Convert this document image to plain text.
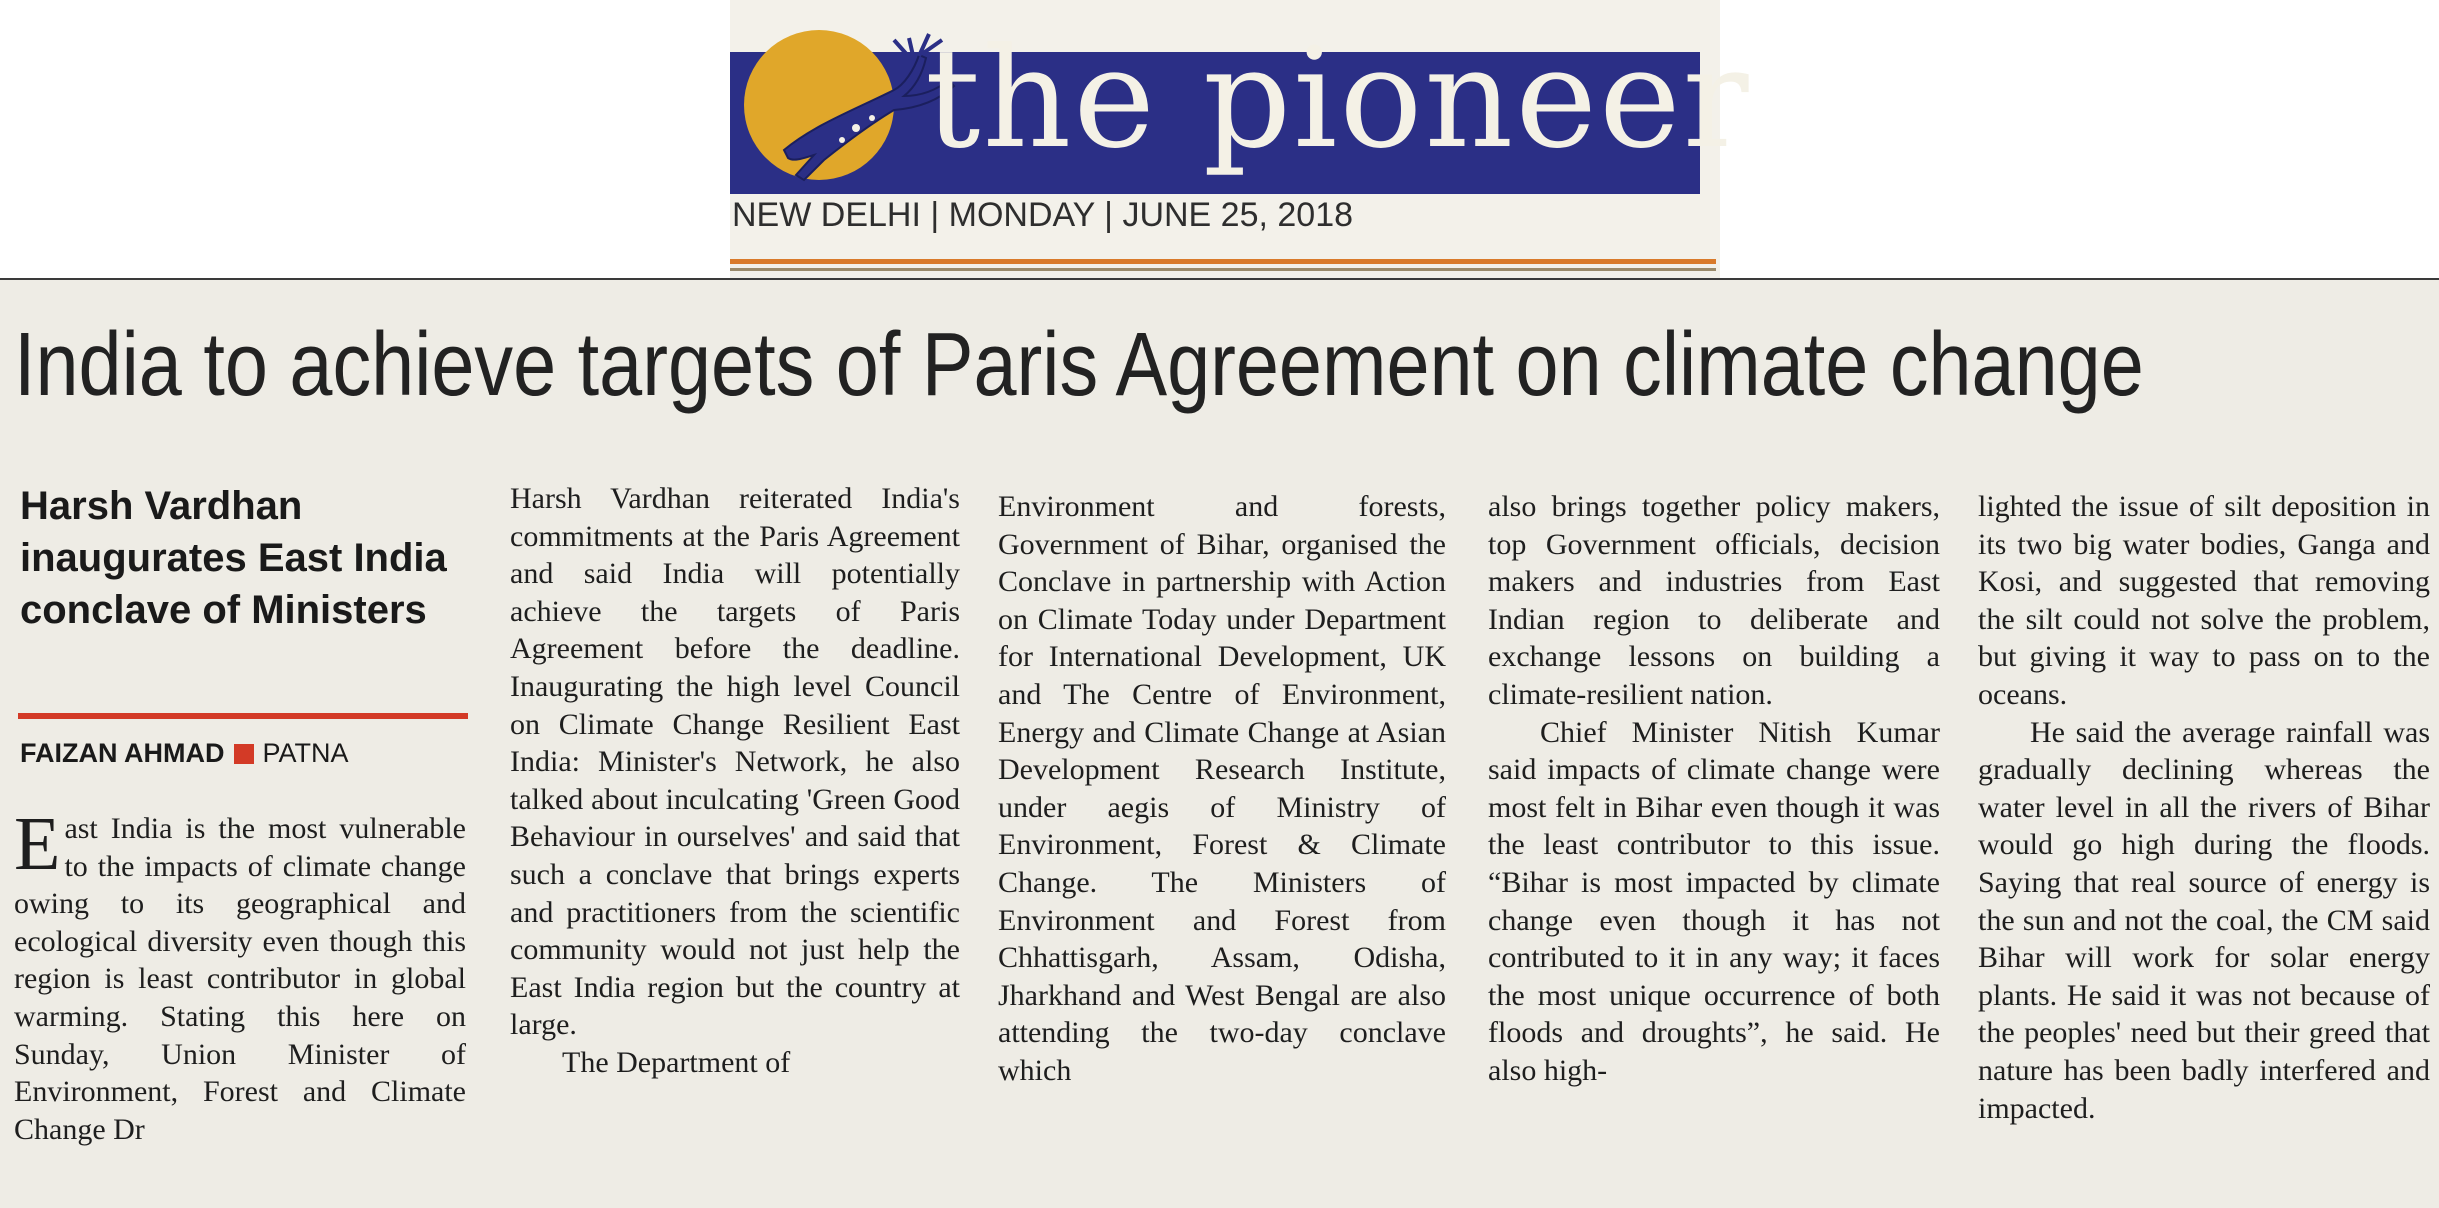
the pioneer
NEW DELHI | MONDAY | JUNE 25, 2018
India to achieve targets of Paris Agreement on climate change
Harsh Vardhan inaugurates East India conclave of Ministers
FAIZAN AHMAD PATNA

East India is the most vulnerable to the impacts of climate change owing to its geographical and ecological diversity even though this region is least contributor in global warming. Stating this here on Sunday, Union Minister of Environment, Forest and Climate Change Dr

Harsh Vardhan reiterated India's commitments at the Paris Agreement and said India will potentially achieve the targets of Paris Agreement before the deadline. Inaugurating the high level Council on Climate Change Resilient East India: Minister's Network, he also talked about inculcating 'Green Good Behaviour in ourselves' and said that such a conclave that brings experts and practitioners from the scientific community would not just help the East India region but the country at large.

The Department of

Environment and forests, Government of Bihar, organised the Conclave in partnership with Action on Climate Today under Department for International Development, UK and The Centre of Environment, Energy and Climate Change at Asian Development Research Institute, under aegis of Ministry of Environment, Forest & Climate Change. The Ministers of Environment and Forest from Chhattisgarh, Assam, Odisha, Jharkhand and West Bengal are also attending the two-day conclave which

also brings together policy makers, top Government officials, decision makers and industries from East Indian region to deliberate and exchange lessons on building a climate-resilient nation.

Chief Minister Nitish Kumar said impacts of climate change were most felt in Bihar even though it was the least contributor to this issue. “Bihar is most impacted by climate change even though it has not contributed to it in any way; it faces the most unique occurrence of both floods and droughts”, he said. He also high-

lighted the issue of silt deposition in its two big water bodies, Ganga and Kosi, and suggested that removing the silt could not solve the problem, but giving it way to pass on to the oceans.

He said the average rainfall was gradually declining whereas the water level in all the rivers of Bihar would go high during the floods. Saying that real source of energy is the sun and not the coal, the CM said Bihar will work for solar energy plants. He said it was not because of the peoples' need but their greed that nature has been badly interfered and impacted.
